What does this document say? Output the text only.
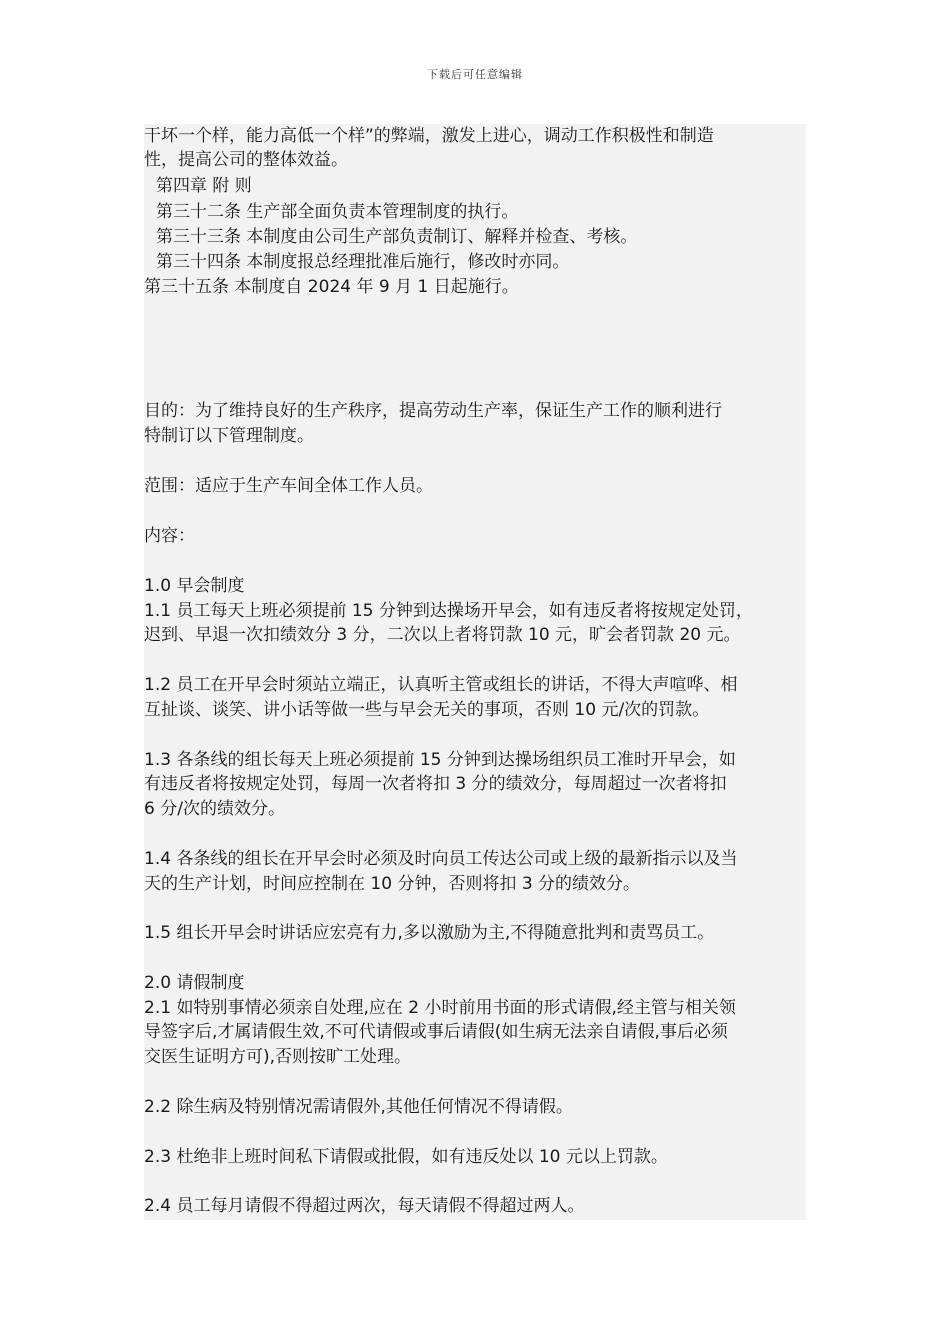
下载后可任意编辑
干坏一个样，能力高低一个样”的弊端，激发上进心，调动工作积极性和制造
性，提高公司的整体效益。
第四章 附 则
第三十二条 生产部全面负责本管理制度的执行。
第三十三条 本制度由公司生产部负责制订、解释并检查、考核。
第三十四条 本制度报总经理批准后施行，修改时亦同。
第三十五条 本制度自 2024 年 9 月 1 日起施行。
目的：为了维持良好的生产秩序，提高劳动生产率，保证生产工作的顺利进行
特制订以下管理制度。
范围：适应于生产车间全体工作人员。
内容：
1.0 早会制度
1.1 员工每天上班必须提前 15 分钟到达操场开早会，如有违反者将按规定处罚，
迟到、早退一次扣绩效分 3 分，二次以上者将罚款 10 元，旷会者罚款 20 元。
1.2 员工在开早会时须站立端正，认真听主管或组长的讲话，不得大声喧哗、相
互扯谈、谈笑、讲小话等做一些与早会无关的事项，否则 10 元/次的罚款。
1.3 各条线的组长每天上班必须提前 15 分钟到达操场组织员工准时开早会，如
有违反者将按规定处罚，每周一次者将扣 3 分的绩效分，每周超过一次者将扣
6 分/次的绩效分。
1.4 各条线的组长在开早会时必须及时向员工传达公司或上级的最新指示以及当
天的生产计划，时间应控制在 10 分钟，否则将扣 3 分的绩效分。
1.5 组长开早会时讲话应宏亮有力,多以激励为主,不得随意批判和责骂员工。
2.0 请假制度
2.1 如特别事情必须亲自处理,应在 2 小时前用书面的形式请假,经主管与相关领
导签字后,才属请假生效,不可代请假或事后请假(如生病无法亲自请假,事后必须
交医生证明方可),否则按旷工处理。
2.2 除生病及特别情况需请假外,其他任何情况不得请假。
2.3 杜绝非上班时间私下请假或批假，如有违反处以 10 元以上罚款。
2.4 员工每月请假不得超过两次，每天请假不得超过两人。
